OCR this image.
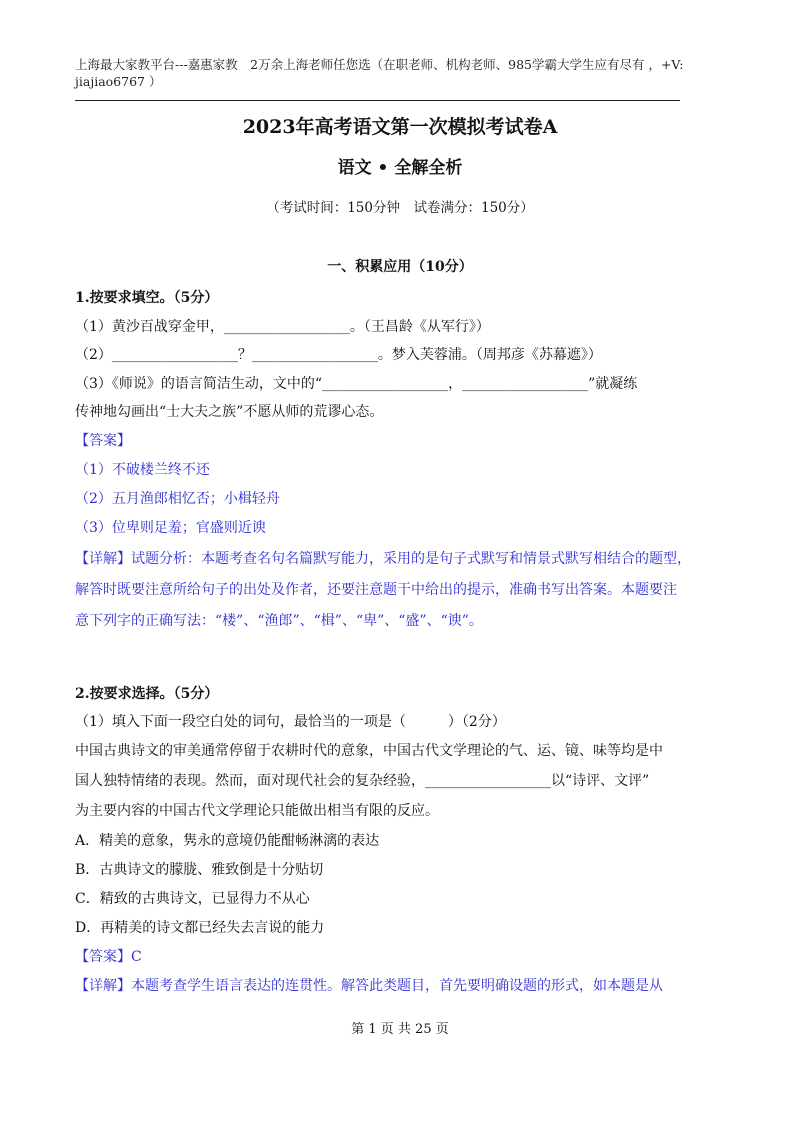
上海最大家教平台---嘉惠家教　2万余上海老师任您选（在职老师、机构老师、985学霸大学生应有尽有 ，+V:
jiajiao6767 ）
2023年高考语文第一次模拟考试卷A
语文 • 全解全析
（考试时间：150分钟　试卷满分：150分）
一、积累应用（10分）
1.按要求填空。（5分）
（1）黄沙百战穿金甲，__________________。（王昌龄《从军行》）
（2）__________________？__________________。梦入芙蓉浦。（周邦彦《苏幕遮》）
（3）《师说》的语言简洁生动，文中的“__________________，__________________”就凝练
传神地勾画出“士大夫之族”不愿从师的荒谬心态。
【答案】
（1）不破楼兰终不还
（2）五月渔郎相忆否；小楫轻舟
（3）位卑则足羞；官盛则近谀
【详解】试题分析：本题考查名句名篇默写能力，采用的是句子式默写和情景式默写相结合的题型，
解答时既要注意所给句子的出处及作者，还要注意题干中给出的提示，准确书写出答案。本题要注
意下列字的正确写法：“楼”、“渔郎”、“楫”、“卑”、“盛”、“谀”。
2.按要求选择。（5分）
（1）填入下面一段空白处的词句，最恰当的一项是（　　　）（2分）
中国古典诗文的审美通常停留于农耕时代的意象，中国古代文学理论的气、运、镜、味等均是中
国人独特情绪的表现。然而，面对现代社会的复杂经验，__________________以“诗评、文评”
为主要内容的中国古代文学理论只能做出相当有限的反应。
A．精美的意象，隽永的意境仍能酣畅淋漓的表达
B．古典诗文的朦胧、雅致倒是十分贴切
C．精致的古典诗文，已显得力不从心
D．再精美的诗文都已经失去言说的能力
【答案】C
【详解】本题考查学生语言表达的连贯性。解答此类题目，首先要明确设题的形式，如本题是从
第 1 页 共 25 页
